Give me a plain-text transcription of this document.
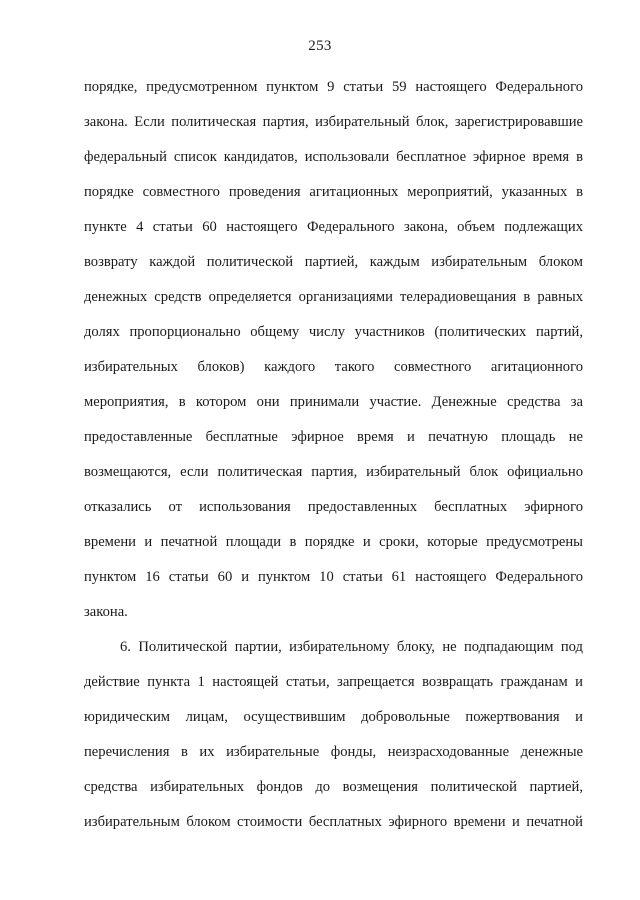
253
порядке, предусмотренном пунктом 9 статьи 59 настоящего Федерального
закона. Если политическая партия, избирательный блок, зарегистрировавшие
федеральный список кандидатов, использовали бесплатное эфирное время в
порядке совместного проведения агитационных мероприятий, указанных в
пункте 4 статьи 60 настоящего Федерального закона, объем подлежащих
возврату каждой политической партией, каждым избирательным блоком
денежных средств определяется организациями телерадиовещания в равных
долях пропорционально общему числу участников (политических партий,
избирательных блоков) каждого такого совместного агитационного
мероприятия, в котором они принимали участие. Денежные средства за
предоставленные бесплатные эфирное время и печатную площадь не
возмещаются, если политическая партия, избирательный блок официально
отказались от использования предоставленных бесплатных эфирного
времени и печатной площади в порядке и сроки, которые предусмотрены
пунктом 16 статьи 60 и пунктом 10 статьи 61 настоящего Федерального
закона.
6. Политической партии, избирательному блоку, не подпадающим под
действие пункта 1 настоящей статьи, запрещается возвращать гражданам и
юридическим лицам, осуществившим добровольные пожертвования и
перечисления в их избирательные фонды, неизрасходованные денежные
средства избирательных фондов до возмещения политической партией,
избирательным блоком стоимости бесплатных эфирного времени и печатной
